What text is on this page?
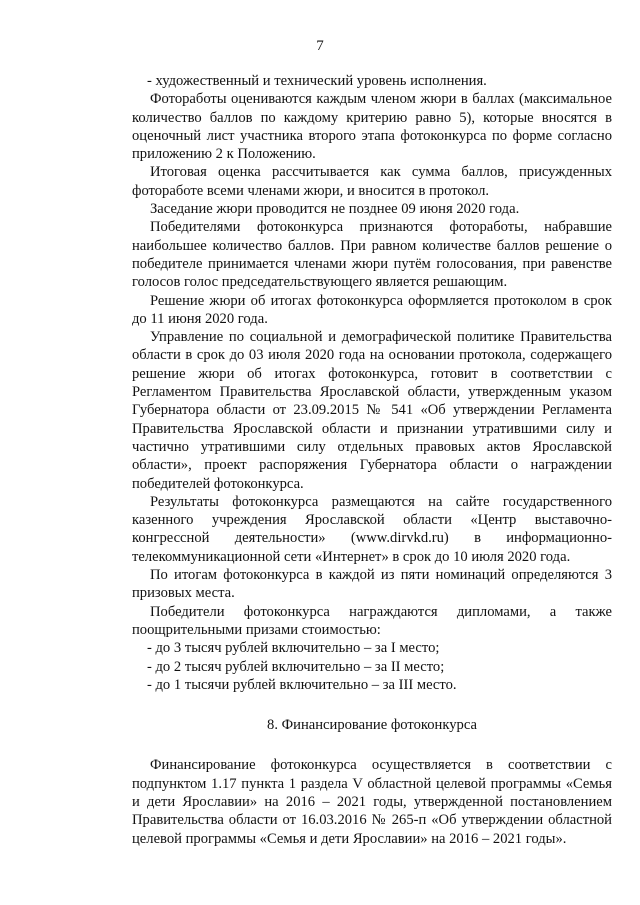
7

- художественный и технический уровень исполнения.

Фотоработы оцениваются каждым членом жюри в баллах (максимальное количество баллов по каждому критерию равно 5), которые вносятся в оценочный лист участника второго этапа фотоконкурса по форме согласно приложению 2 к Положению.

Итоговая оценка рассчитывается как сумма баллов, присужденных фотоработе всеми членами жюри, и вносится в протокол.

Заседание жюри проводится не позднее 09 июня 2020 года.

Победителями фотоконкурса признаются фотоработы, набравшие наибольшее количество баллов. При равном количестве баллов решение о победителе принимается членами жюри путём голосования, при равенстве голосов голос председательствующего является решающим.

Решение жюри об итогах фотоконкурса оформляется протоколом в срок до 11 июня 2020 года.

Управление по социальной и демографической политике Правительства области в срок до 03 июля 2020 года на основании протокола, содержащего решение жюри об итогах фотоконкурса, готовит в соответствии с Регламентом Правительства Ярославской области, утвержденным указом Губернатора области от 23.09.2015 № 541 «Об утверждении Регламента Правительства Ярославской области и признании утратившими силу и частично утратившими силу отдельных правовых актов Ярославской области», проект распоряжения Губернатора области о награждении победителей фотоконкурса.

Результаты фотоконкурса размещаются на сайте государственного казенного учреждения Ярославской области «Центр выставочно-конгрессной деятельности» (www.dirvkd.ru) в информационно-телекоммуникационной сети «Интернет» в срок до 10 июля 2020 года.

По итогам фотоконкурса в каждой из пяти номинаций определяются 3 призовых места.

Победители фотоконкурса награждаются дипломами, а также поощрительными призами стоимостью:

- до 3 тысяч рублей включительно – за I место;

- до 2 тысяч рублей включительно – за II место;

- до 1 тысячи рублей включительно – за III место.

8. Финансирование фотоконкурса

Финансирование фотоконкурса осуществляется в соответствии с подпунктом 1.17 пункта 1 раздела V областной целевой программы «Семья и дети Ярославии» на 2016 – 2021 годы, утвержденной постановлением Правительства области от 16.03.2016 № 265-п «Об утверждении областной целевой программы «Семья и дети Ярославии» на 2016 – 2021 годы».
